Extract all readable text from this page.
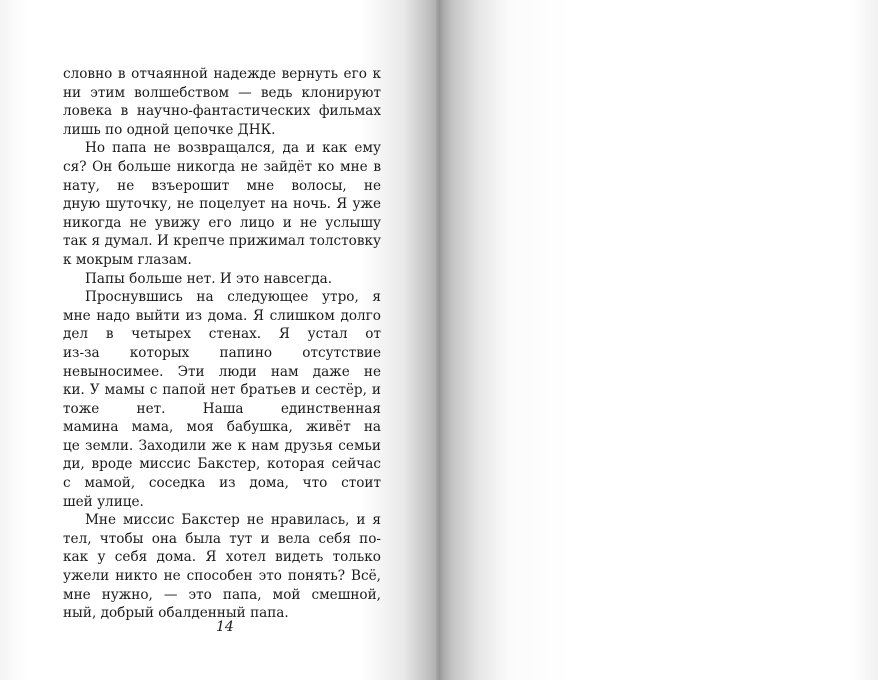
словно в отчаянной надежде вернуть его к
ни этим волшебством — ведь клонируют
ловека в научно-фантастических фильмах
лишь по одной цепочке ДНК.
Но папа не возвращался, да и как ему
ся? Он больше никогда не зайдёт ко мне в
нату, не взъерошит мне волосы, не
дную шуточку, не поцелует на ночь. Я уже
никогда не увижу его лицо и не услышу
так я думал. И крепче прижимал толстовку
к мокрым глазам.
Папы больше нет. И это навсегда.
Проснувшись на следующее утро, я
мне надо выйти из дома. Я слишком долго
дел в четырех стенах. Я устал от
из-за которых папино отсутствие
невыносимее. Эти люди нам даже не
ки. У мамы с папой нет братьев и сестёр, и
тоже нет. Наша единственная
мамина мама, моя бабушка, живёт на
це земли. Заходили же к нам друзья семьи
ди, вроде миссис Бакстер, которая сейчас
с мамой, соседка из дома, что стоит
шей улице.
Мне миссис Бакстер не нравилась, и я
тел, чтобы она была тут и вела себя по-
как у себя дома. Я хотел видеть только
ужели никто не способен это понять? Всё,
мне нужно, — это папа, мой смешной,
ный, добрый обалденный папа.
14
